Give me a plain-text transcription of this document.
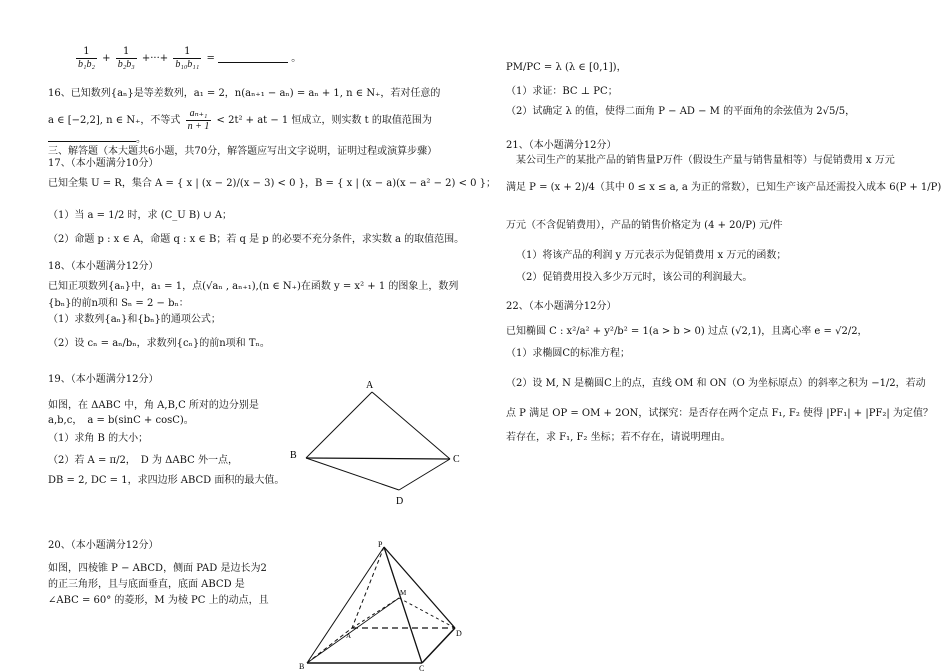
$\frac{1}{\text{b₁b₂}} + \frac{1}{\text{b₂b₃}}$ +···+ $\frac{1}{\text{b₁₀b₁₁}}$ =	。
16、已知数列{aₙ}是等差数列，a₁ = 2，n(aₙ₊₁ − aₙ) = aₙ + 1, n ∈ N₊，若对任意的
a ∈ [−2,2], n ∈ N₊，不等式 $\frac{\text{aₙ₊₁}}{n + 1} < 2t^2$ + at − 1 恒成立，则实数 t 的取值范围为
。
三、解答题（本大题共6小题，共70分，解答题应写出文字说明，证明过程或演算步骤）
17、（本小题满分10分）
已知全集 U = R，集合 A = { x | (x − 2)/(x − 3) < 0 }，B = { x | (x − a)(x − a² − 2) < 0 }；
（1）当 a = 1/2 时，求 (C_U B) ∪ A；
（2）命题 p : x ∈ A，命题 q : x ∈ B；若 q 是 p 的必要不充分条件，求实数 a 的取值范围。
18、（本小题满分12分）
已知正项数列{aₙ}中，a₁ = 1，点(√aₙ , aₙ₊₁),(n ∈ N₊)在函数 y = x² + 1 的图象上，数列
{bₙ}的前n项和 Sₙ = 2 − bₙ：
（1）求数列{aₙ}和{bₙ}的通项公式；
（2）设 cₙ = aₙ/bₙ，求数列{cₙ}的前n项和 Tₙ。
19、（本小题满分12分）
如图，在 ΔABC 中，角 A,B,C 所对的边分别是
a,b,c，　a = b(sinC + cosC)。
（1）求角 B 的大小；
（2）若 A = π/2，　D 为 ΔABC 外一点，
DB = 2, DC = 1，求四边形 ABCD 面积的最大值。
20、（本小题满分12分）
如图，四棱锥 P − ABCD，侧面 PAD 是边长为2
的正三角形，且与底面垂直，底面 ABCD 是
∠ABC = 60° 的菱形，M 为棱 PC 上的动点，且
A
B	C
D
P
M
A
B	C
D
PM/PC = λ (λ ∈ [0,1])，
（1）求证：BC ⊥ PC；
（2）试确定 λ 的值，使得二面角 P − AD − M 的平面角的余弦值为 2√5/5，
21、（本小题满分12分）
某公司生产的某批产品的销售量P万件（假设生产量与销售量相等）与促销费用 x 万元
满足 P = (x + 2)/4（其中 0 ≤ x ≤ a, a 为正的常数），已知生产该产品还需投入成本 6(P + 1/P)
万元（不含促销费用），产品的销售价格定为 (4 + 20/P) 元/件
（1）将该产品的利润 y 万元表示为促销费用 x 万元的函数；
（2）促销费用投入多少万元时，该公司的利润最大。
22、（本小题满分12分）
已知椭圆 C : x²/a² + y²/b² = 1(a > b > 0) 过点 (√2,1)，且离心率 e = √2/2，
（1）求椭圆C的标准方程；
（2）设 M, N 是椭圆C上的点，直线 OM 和 ON（O 为坐标原点）的斜率之积为 −1/2，若动
点 P 满足 OP = OM + 2ON，试探究：是否存在两个定点 F₁, F₂ 使得 |PF₁| + |PF₂| 为定值？
若存在，求 F₁, F₂ 坐标；若不存在，请说明理由。
